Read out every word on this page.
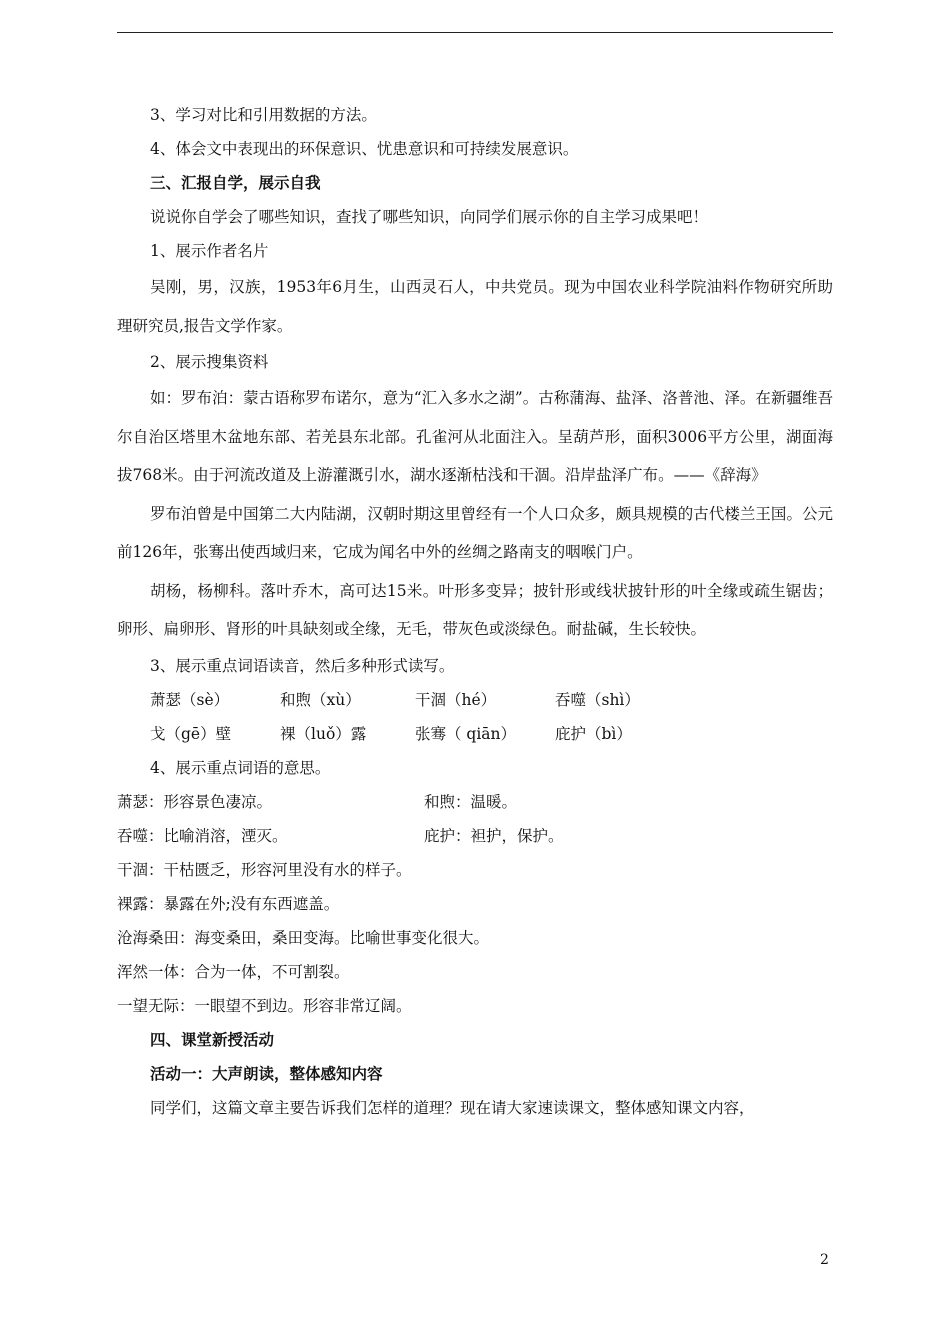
3、学习对比和引用数据的方法。
4、体会文中表现出的环保意识、忧患意识和可持续发展意识。
三、汇报自学，展示自我
说说你自学会了哪些知识，查找了哪些知识，向同学们展示你的自主学习成果吧！
1、展示作者名片
吴刚，男，汉族，1953年6月生，山西灵石人，中共党员。现为中国农业科学院油料作物研究所助理研究员,报告文学作家。
2、展示搜集资料
如：罗布泊：蒙古语称罗布诺尔，意为“汇入多水之湖”。古称蒲海、盐泽、洛普池、泽。在新疆维吾尔自治区塔里木盆地东部、若羌县东北部。孔雀河从北面注入。呈葫芦形，面积3006平方公里，湖面海拔768米。由于河流改道及上游灌溉引水，湖水逐渐枯浅和干涸。沿岸盐泽广布。——《辞海》
罗布泊曾是中国第二大内陆湖，汉朝时期这里曾经有一个人口众多，颇具规模的古代楼兰王国。公元前126年，张骞出使西域归来，它成为闻名中外的丝绸之路南支的咽喉门户。
胡杨，杨柳科。落叶乔木，高可达15米。叶形多变异；披针形或线状披针形的叶全缘或疏生锯齿；卵形、扁卵形、肾形的叶具缺刻或全缘，无毛，带灰色或淡绿色。耐盐碱，生长较快。
3、展示重点词语读音，然后多种形式读写。
萧瑟（sè）	和煦（xù）	干涸（hé）	吞噬（shì）
戈（gē）壁	裸（luǒ）露	张骞（ qiān）	庇护（bì）
4、展示重点词语的意思。
萧瑟：形容景色凄凉。	和煦：温暖。
吞噬：比喻消溶，湮灭。	庇护：袒护，保护。
干涸：干枯匮乏，形容河里没有水的样子。
裸露：暴露在外;没有东西遮盖。
沧海桑田：海变桑田，桑田变海。比喻世事变化很大。
浑然一体：合为一体，不可割裂。
一望无际：一眼望不到边。形容非常辽阔。
四、课堂新授活动
活动一：大声朗读，整体感知内容
同学们，这篇文章主要告诉我们怎样的道理？现在请大家速读课文，整体感知课文内容，
2
